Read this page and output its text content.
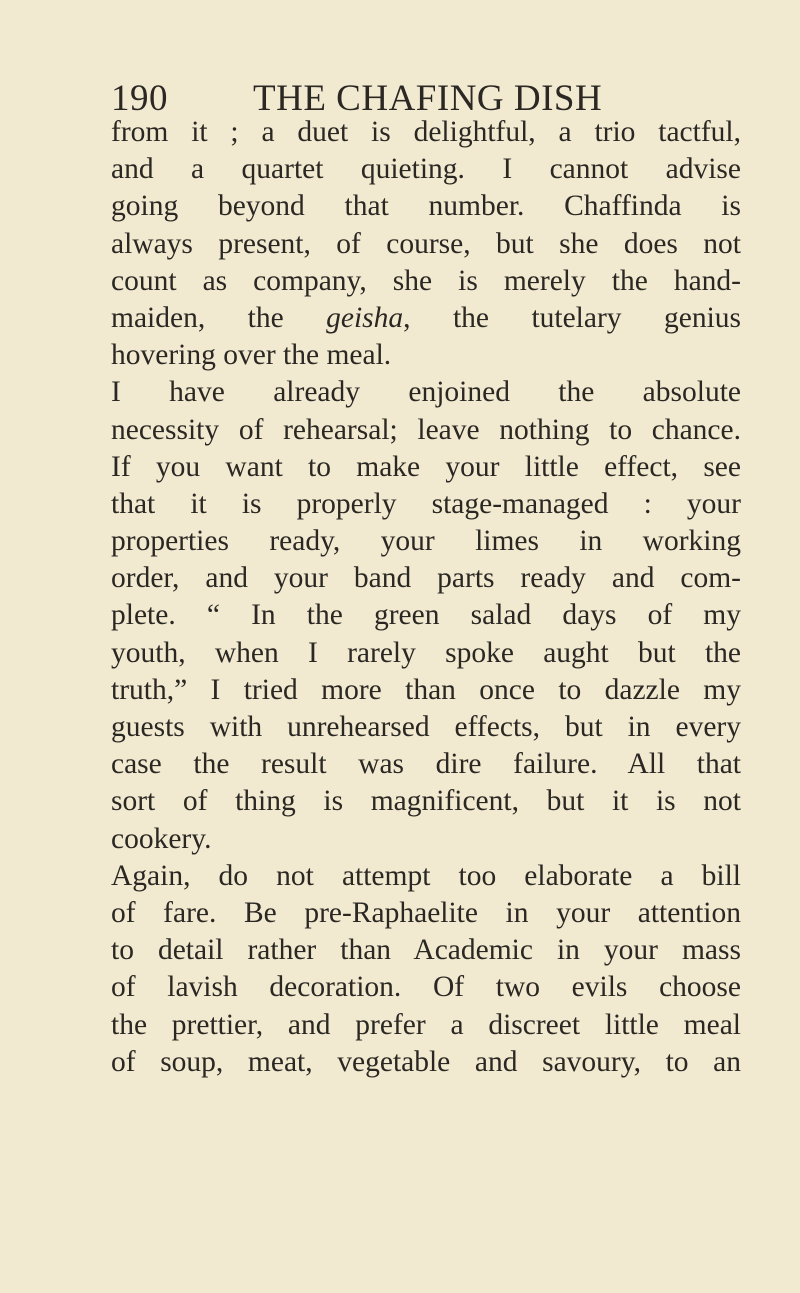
190 THE CHAFING DISH
from it ; a duet is delightful, a trio tactful,
and a quartet quieting. I cannot advise
going beyond that number. Chaffinda is
always present, of course, but she does not
count as company, she is merely the hand-
maiden, the geisha, the tutelary genius
hovering over the meal.
I have already enjoined the absolute
necessity of rehearsal; leave nothing to chance.
If you want to make your little effect, see
that it is properly stage-managed : your
properties ready, your limes in working
order, and your band parts ready and com-
plete. “ In the green salad days of my
youth, when I rarely spoke aught but the
truth,” I tried more than once to dazzle my
guests with unrehearsed effects, but in every
case the result was dire failure. All that
sort of thing is magnificent, but it is not
cookery.
Again, do not attempt too elaborate a bill
of fare. Be pre-Raphaelite in your attention
to detail rather than Academic in your mass
of lavish decoration. Of two evils choose
the prettier, and prefer a discreet little meal
of soup, meat, vegetable and savoury, to an
